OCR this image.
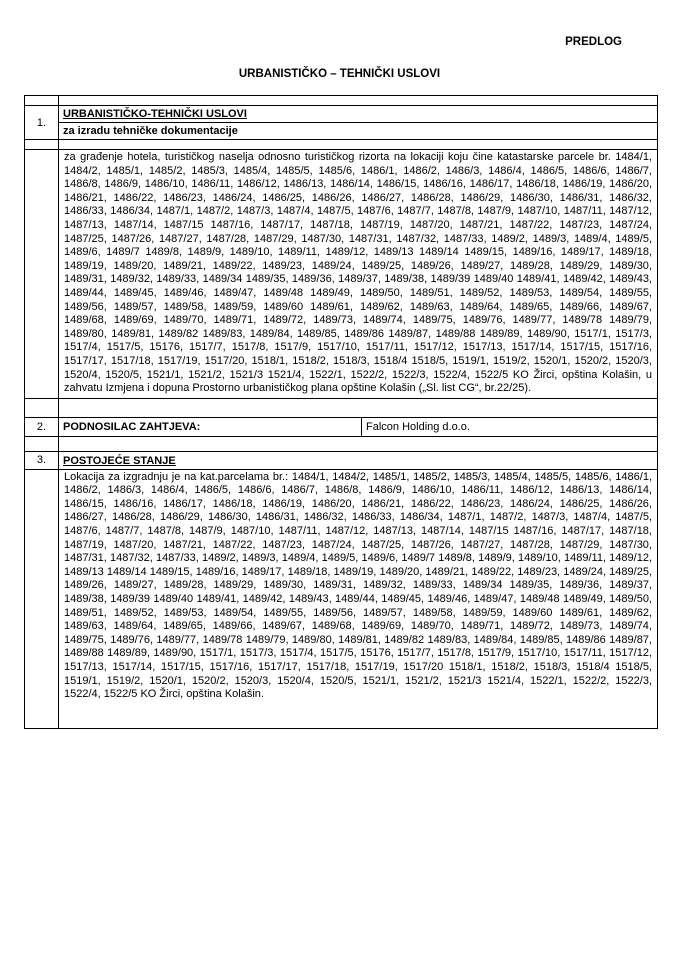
PREDLOG
URBANISTIČKO – TEHNIČKI USLOVI

1.	URBANISTIČKO-TEHNIČKI USLOVI	
	za izradu tehničke dokumentacije	

	za građenje hotela, turističkog naselja odnosno turističkog rizorta na lokaciji koju čine katastarske parcele br. 1484/1, 1484/2, 1485/1, 1485/2, 1485/3, 1485/4, 1485/5, 1485/6, 1486/1, 1486/2, 1486/3, 1486/4, 1486/5, 1486/6, 1486/7, 1486/8, 1486/9, 1486/10, 1486/11, 1486/12, 1486/13, 1486/14, 1486/15, 1486/16, 1486/17, 1486/18, 1486/19, 1486/20, 1486/21, 1486/22, 1486/23, 1486/24, 1486/25, 1486/26, 1486/27, 1486/28, 1486/29, 1486/30, 1486/31, 1486/32, 1486/33, 1486/34, 1487/1, 1487/2, 1487/3, 1487/4, 1487/5, 1487/6, 1487/7, 1487/8, 1487/9, 1487/10, 1487/11, 1487/12, 1487/13, 1487/14, 1487/15 1487/16, 1487/17, 1487/18, 1487/19, 1487/20, 1487/21, 1487/22, 1487/23, 1487/24, 1487/25, 1487/26, 1487/27, 1487/28, 1487/29, 1487/30, 1487/31, 1487/32, 1487/33, 1489/2, 1489/3, 1489/4, 1489/5, 1489/6, 1489/7 1489/8, 1489/9, 1489/10, 1489/11, 1489/12, 1489/13 1489/14 1489/15, 1489/16, 1489/17, 1489/18, 1489/19, 1489/20, 1489/21, 1489/22, 1489/23, 1489/24, 1489/25, 1489/26, 1489/27, 1489/28, 1489/29, 1489/30, 1489/31, 1489/32, 1489/33, 1489/34 1489/35, 1489/36, 1489/37, 1489/38, 1489/39 1489/40 1489/41, 1489/42, 1489/43, 1489/44, 1489/45, 1489/46, 1489/47, 1489/48 1489/49, 1489/50, 1489/51, 1489/52, 1489/53, 1489/54, 1489/55, 1489/56, 1489/57, 1489/58, 1489/59, 1489/60 1489/61, 1489/62, 1489/63, 1489/64, 1489/65, 1489/66, 1489/67, 1489/68, 1489/69, 1489/70, 1489/71, 1489/72, 1489/73, 1489/74, 1489/75, 1489/76, 1489/77, 1489/78 1489/79, 1489/80, 1489/81, 1489/82 1489/83, 1489/84, 1489/85, 1489/86 1489/87, 1489/88 1489/89, 1489/90, 1517/1, 1517/3, 1517/4, 1517/5, 15176, 1517/7, 1517/8, 1517/9, 1517/10, 1517/11, 1517/12, 1517/13, 1517/14, 1517/15, 1517/16, 1517/17, 1517/18, 1517/19, 1517/20, 1518/1, 1518/2, 1518/3, 1518/4 1518/5, 1519/1, 1519/2, 1520/1, 1520/2, 1520/3, 1520/4, 1520/5, 1521/1, 1521/2, 1521/3 1521/4, 1522/1, 1522/2, 1522/3, 1522/4, 1522/5 KO Žirci, opština Kolašin, u zahvatu Izmjena i dopuna Prostorno urbanističkog plana opštine Kolašin („Sl. list CG“, br.22/25).	

2.	PODNOSILAC ZAHTJEVA:	Falcon Holding d.o.o.

3.	POSTOJEĆE STANJE	
	Lokacija za izgradnju je na kat.parcelama br.: 1484/1, 1484/2, 1485/1, 1485/2, 1485/3, 1485/4, 1485/5, 1485/6, 1486/1, 1486/2, 1486/3, 1486/4, 1486/5, 1486/6, 1486/7, 1486/8, 1486/9, 1486/10, 1486/11, 1486/12, 1486/13, 1486/14, 1486/15, 1486/16, 1486/17, 1486/18, 1486/19, 1486/20, 1486/21, 1486/22, 1486/23, 1486/24, 1486/25, 1486/26, 1486/27, 1486/28, 1486/29, 1486/30, 1486/31, 1486/32, 1486/33, 1486/34, 1487/1, 1487/2, 1487/3, 1487/4, 1487/5, 1487/6, 1487/7, 1487/8, 1487/9, 1487/10, 1487/11, 1487/12, 1487/13, 1487/14, 1487/15 1487/16, 1487/17, 1487/18, 1487/19, 1487/20, 1487/21, 1487/22, 1487/23, 1487/24, 1487/25, 1487/26, 1487/27, 1487/28, 1487/29, 1487/30, 1487/31, 1487/32, 1487/33, 1489/2, 1489/3, 1489/4, 1489/5, 1489/6, 1489/7 1489/8, 1489/9, 1489/10, 1489/11, 1489/12, 1489/13 1489/14 1489/15, 1489/16, 1489/17, 1489/18, 1489/19, 1489/20, 1489/21, 1489/22, 1489/23, 1489/24, 1489/25, 1489/26, 1489/27, 1489/28, 1489/29, 1489/30, 1489/31, 1489/32, 1489/33, 1489/34 1489/35, 1489/36, 1489/37, 1489/38, 1489/39 1489/40 1489/41, 1489/42, 1489/43, 1489/44, 1489/45, 1489/46, 1489/47, 1489/48 1489/49, 1489/50, 1489/51, 1489/52, 1489/53, 1489/54, 1489/55, 1489/56, 1489/57, 1489/58, 1489/59, 1489/60 1489/61, 1489/62, 1489/63, 1489/64, 1489/65, 1489/66, 1489/67, 1489/68, 1489/69, 1489/70, 1489/71, 1489/72, 1489/73, 1489/74, 1489/75, 1489/76, 1489/77, 1489/78 1489/79, 1489/80, 1489/81, 1489/82 1489/83, 1489/84, 1489/85, 1489/86 1489/87, 1489/88 1489/89, 1489/90, 1517/1, 1517/3, 1517/4, 1517/5, 15176, 1517/7, 1517/8, 1517/9, 1517/10, 1517/11, 1517/12, 1517/13, 1517/14, 1517/15, 1517/16, 1517/17, 1517/18, 1517/19, 1517/20 1518/1, 1518/2, 1518/3, 1518/4 1518/5, 1519/1, 1519/2, 1520/1, 1520/2, 1520/3, 1520/4, 1520/5, 1521/1, 1521/2, 1521/3 1521/4, 1522/1, 1522/2, 1522/3, 1522/4, 1522/5 KO Žirci, opština Kolašin.	
